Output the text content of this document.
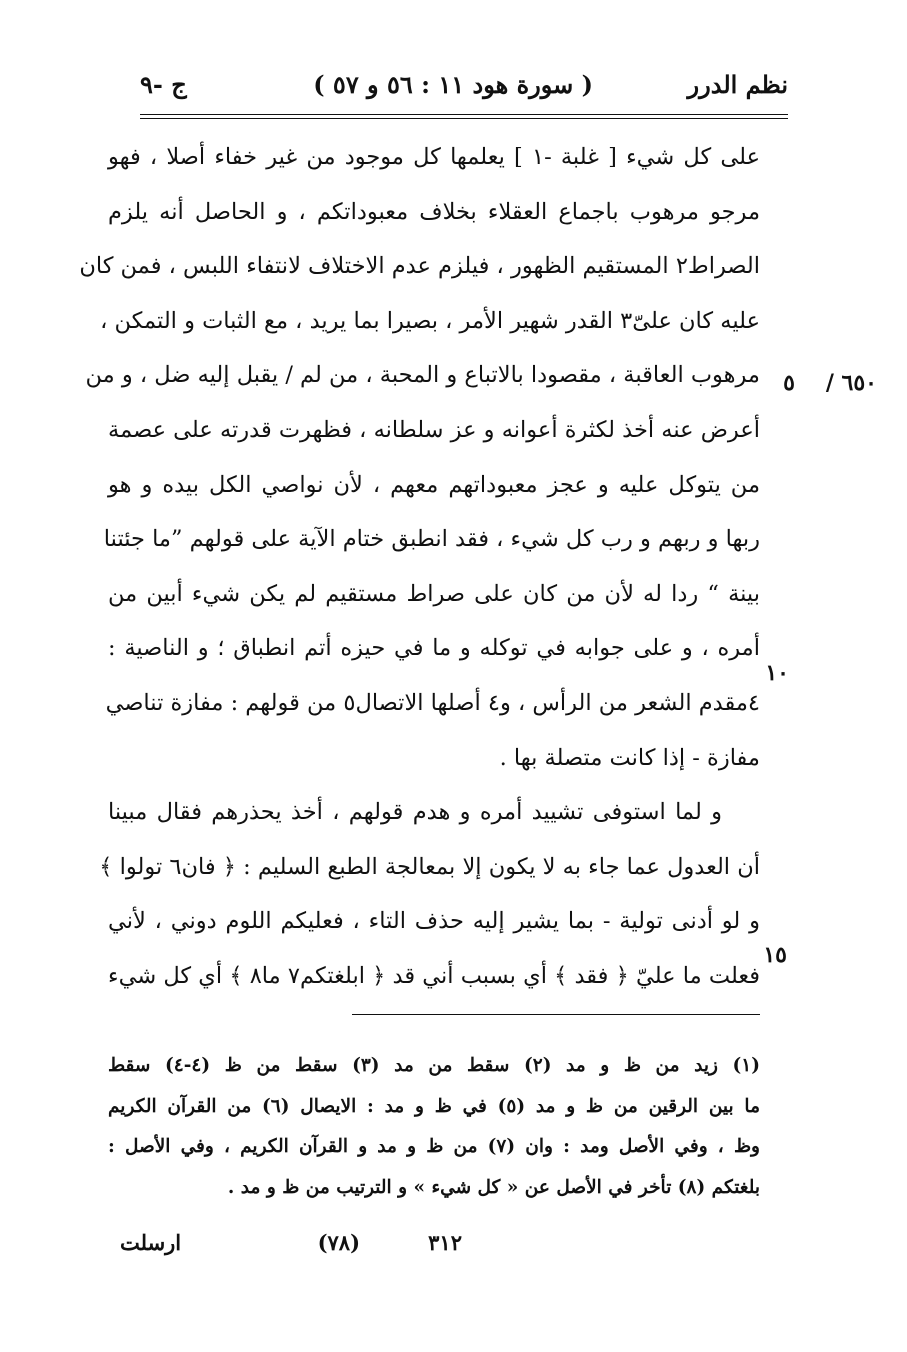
نظم الدرر
( سورة هود ١١ : ٥٦ و ٥٧ )
ج -٩
٥ ٦٥٠ /
١٠
١٥
على كل شيء [ غلبة -١ ] يعلمها كل موجود من غير خفاء أصلا ، فهو
مرجو مرهوب باجماع العقلاء بخلاف معبوداتكم ، و الحاصل أنه يلزم
الصراط٢ المستقيم الظهور ، فيلزم عدم الاختلاف لانتفاء اللبس ، فمن كان
عليه كان علىّ٣ القدر شهير الأمر ، بصيرا بما يريد ، مع الثبات و التمكن ،
مرهوب العاقبة ، مقصودا بالاتباع و المحبة ، من لم / يقبل إليه ضل ، و من
أعرض عنه أخذ لكثرة أعوانه و عز سلطانه ، فظهرت قدرته على عصمة
من يتوكل عليه و عجز معبوداتهم معهم ، لأن نواصي الكل بيده و هو
ربها و ربهم و رب كل شيء ، فقد انطبق ختام الآية على قولهم ”ما جئتنا
بينة “ ردا له لأن من كان على صراط مستقيم لم يكن شيء أبين من
أمره ، و على جوابه في توكله و ما في حيزه أتم انطباق ؛ و الناصية :
٤مقدم الشعر من الرأس ، و٤ أصلها الاتصال٥ من قولهم : مفازة تناصي
مفازة - إذا كانت متصلة بها .
و لما استوفى تشييد أمره و هدم قولهم ، أخذ يحذرهم فقال مبينا
أن العدول عما جاء به لا يكون إلا بمعالجة الطبع السليم : ﴿ فان٦ تولوا ﴾
و لو أدنى تولية - بما يشير إليه حذف التاء ، فعليكم اللوم دوني ، لأني
فعلت ما عليّ ﴿ فقد ﴾ أي بسبب أني قد ﴿ ابلغتكم٧ ما٨ ﴾ أي كل شيء
(١) زيد من ظ و مد (٢) سقط من مد (٣) سقط من ظ (٤-٤) سقط
ما بين الرقين من ظ و مد (٥) في ظ و مد : الايصال (٦) من القرآن الكريم
وظ ، وفي الأصل ومد : وان (٧) من ظ و مد و القرآن الكريم ، وفي الأصل :
بلغتكم (٨) تأخر في الأصل عن « كل شيء » و الترتيب من ظ و مد .
٣١٢
(٧٨)
ارسلت
